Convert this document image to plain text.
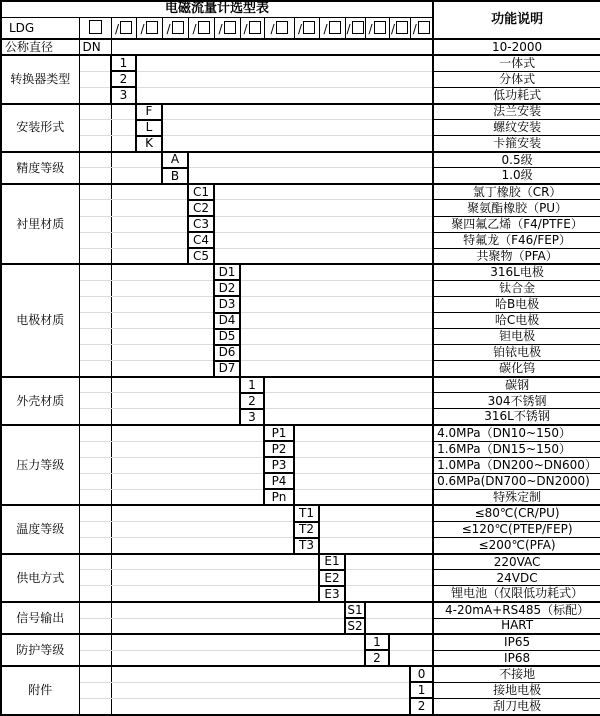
电磁流量计选型表															功能说明
LDG		/	/	/	/	/	/	/	/	/	/	/	/	/	
公称直径	DN														10-2000
转换器类型		1													一体式
		2													分体式
		3													低功耗式
安装形式			F												法兰安装
			L												螺纹安装
			K												卡箍安装
精度等级				A											0.5级
				B											1.0级
衬里材质					C1										氯丁橡胶（CR）
					C2										聚氨酯橡胶（PU）
					C3										聚四氟乙烯（F4/PTFE）
					C4										特氟龙（F46/FEP）
					C5										共聚物（PFA）
电极材质						D1									316L电极
						D2									钛合金
						D3									哈B电极
						D4									哈C电极
						D5									钽电极
						D6									铂铱电极
						D7									碳化钨
外壳材质							1								碳钢
							2								304不锈钢
							3								316L不锈钢
压力等级								P1							4.0MPa（DN10~150）
								P2							1.6MPa（DN15~150）
								P3							1.0MPa（DN200~DN600）
								P4							0.6MPa(DN700~DN2000)
								Pn							特殊定制
温度等级									T1						≤80℃(CR/PU)
									T2						≤120℃(PTEP/FEP)
									T3						≤200℃(PFA)
供电方式										E1					220VAC
										E2					24VDC
										E3					锂电池（仅限低功耗式）
信号输出											S1				4-20mA+RS485（标配）
											S2				HART
防护等级												1			IP65
												2			IP68
附件														0	不接地
														1	接地电极
														2	刮刀电极
